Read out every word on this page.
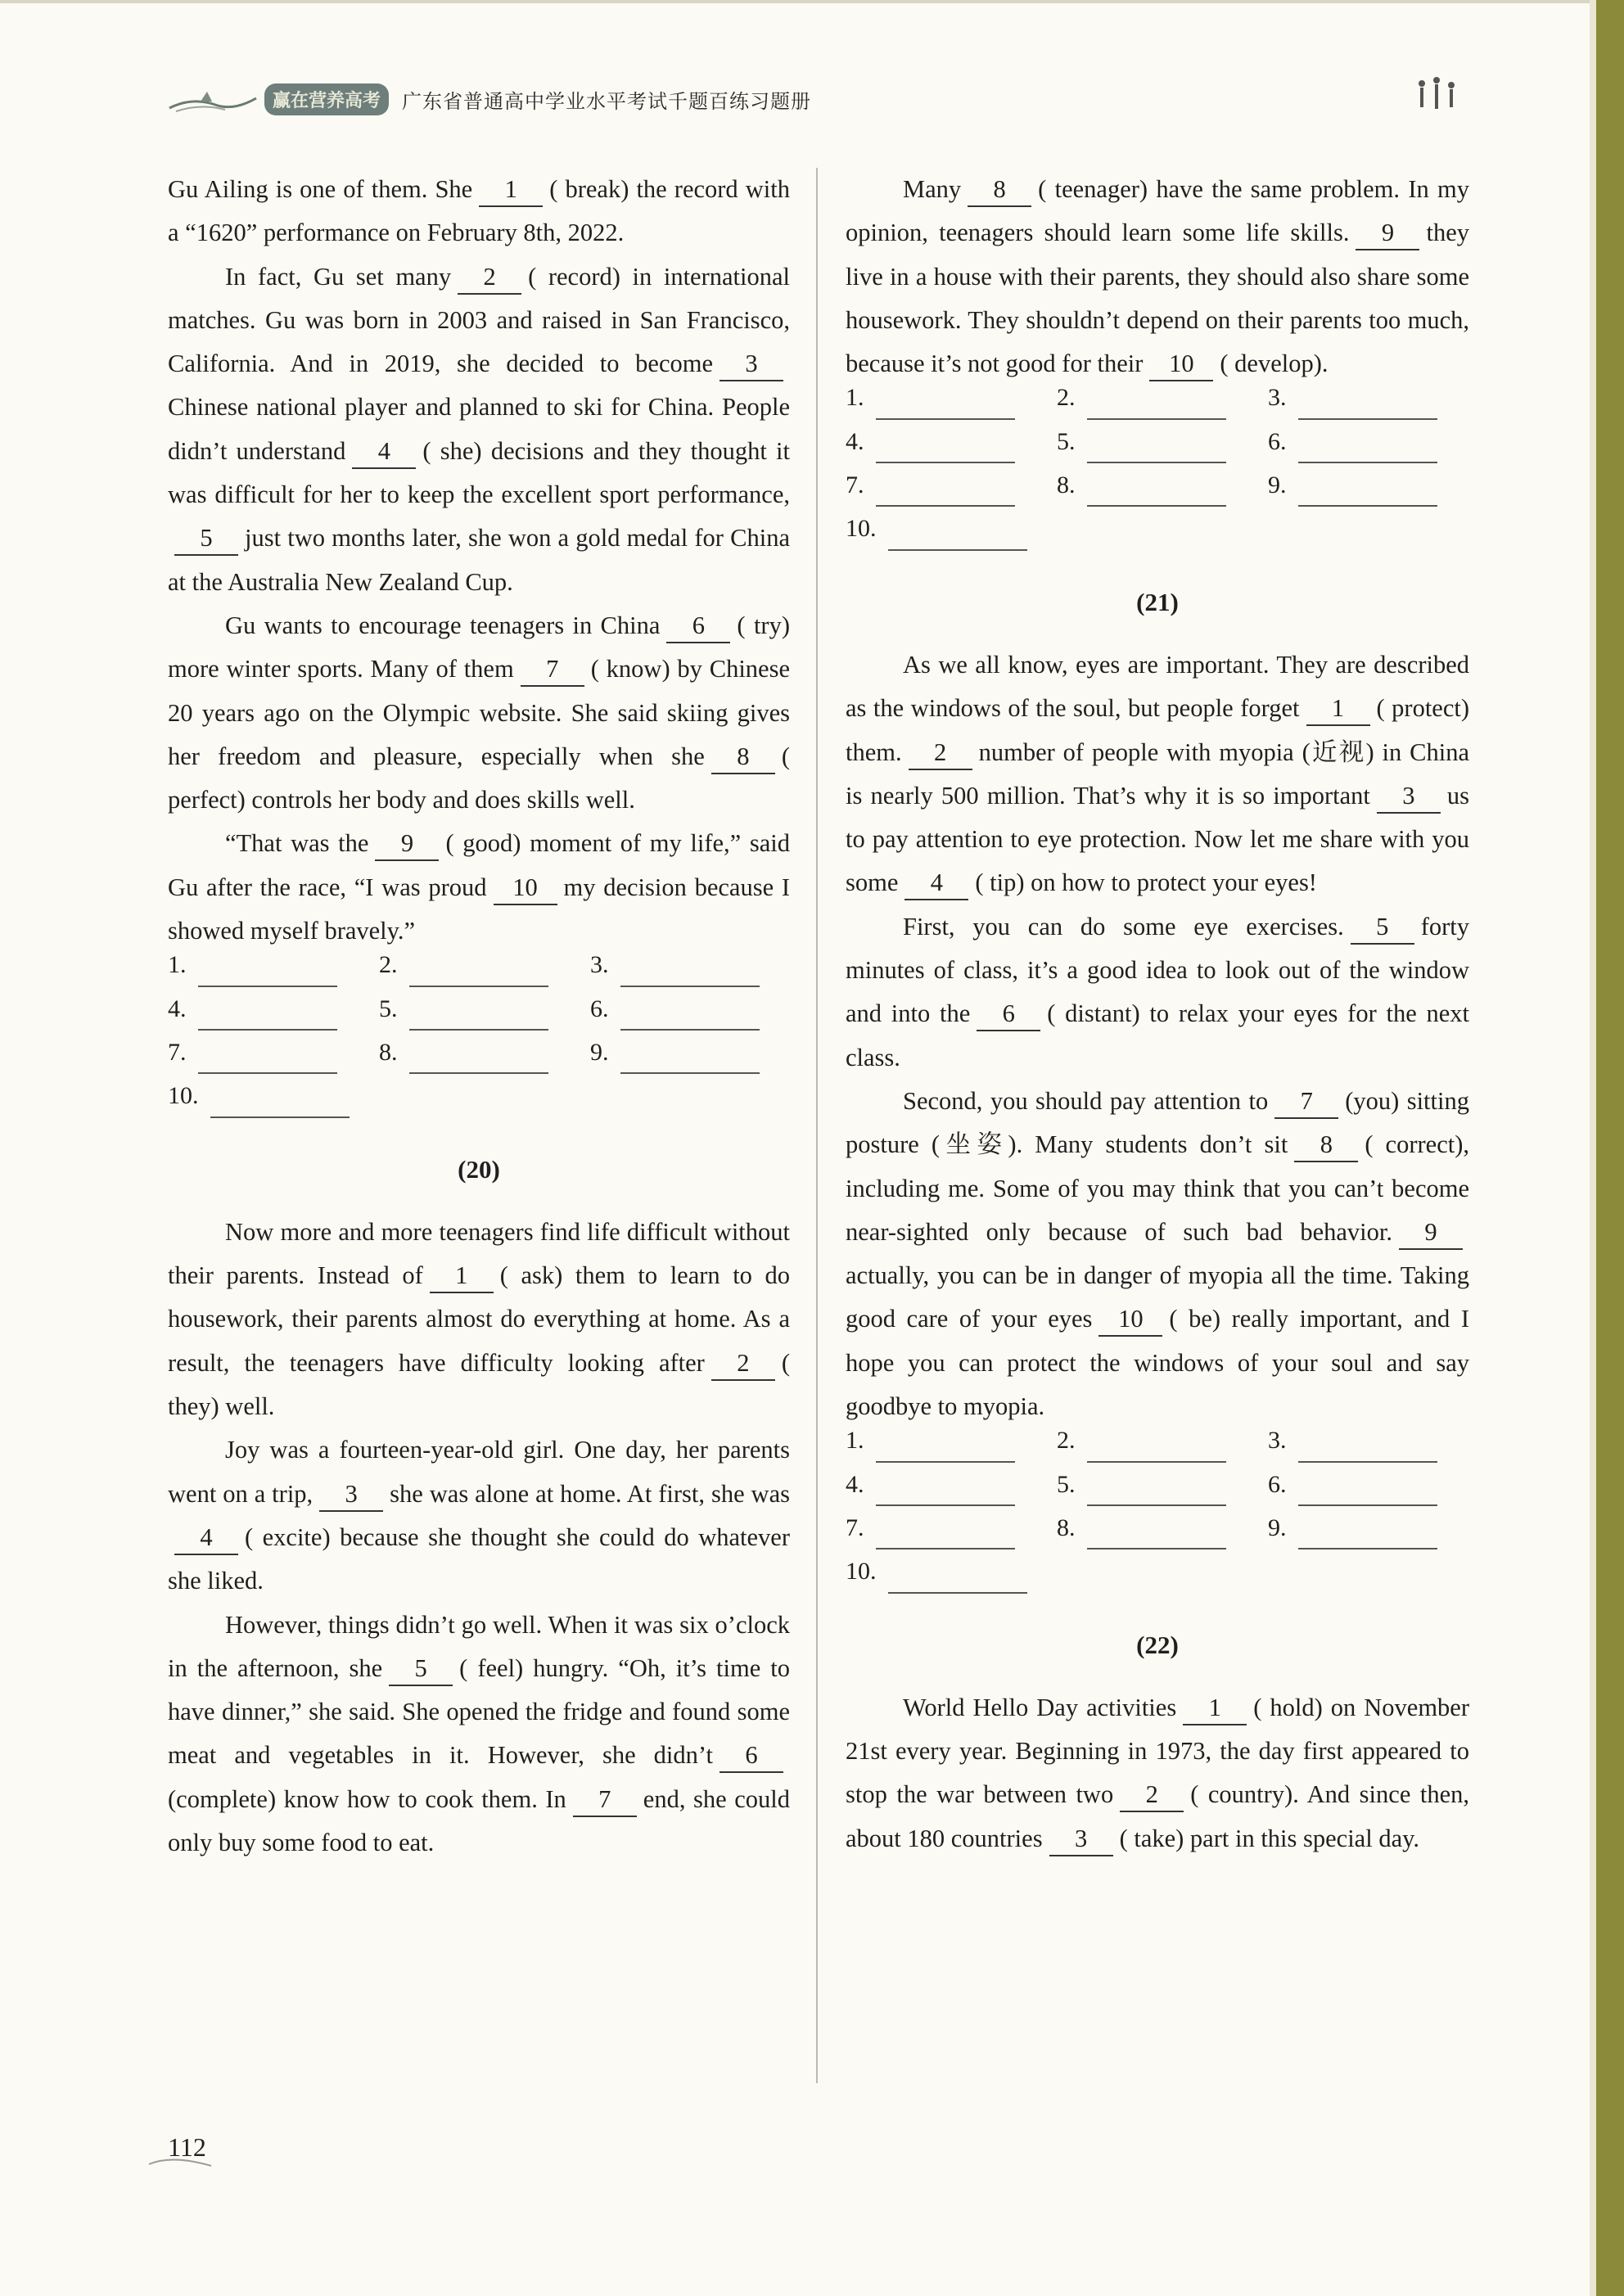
赢在营养高考	广东省普通高中学业水平考试千题百练习题册

Gu Ailing is one of them. She 1 ( break) the record with a “1620” performance on February 8th, 2022.

In fact, Gu set many 2 ( record) in international matches. Gu was born in 2003 and raised in San Francisco, California. And in 2019, she decided to become 3Chinese national player and planned to ski for China. People didn’t understand 4 ( she) decisions and they thought it was difficult for her to keep the excellent sport performance,5 just two months later, she won a gold medal for China at the Australia New Zealand Cup.

Gu wants to encourage teenagers in China 6 ( try) more winter sports. Many of them 7 ( know) by Chinese 20 years ago on the Olympic website. She said skiing gives her freedom and pleasure, especially when she 8 ( perfect) controls her body and does skills well.

“That was the 9 ( good) moment of my life,” said Gu after the race, “I was proud 10 my decision because I showed myself bravely.”

1.	2.	3.
4.	5.	6.
7.	8.	9.
10.
(20)

Now more and more teenagers find life difficult without their parents. Instead of 1 ( ask) them to learn to do housework, their parents almost do everything at home. As a result, the teenagers have difficulty looking after 2 ( they) well.

Joy was a fourteen-year-old girl. One day, her parents went on a trip, 3 she was alone at home. At first, she was4 ( excite) because she thought she could do whatever she liked.

However, things didn’t go well. When it was six o’clock in the afternoon, she 5 ( feel) hungry. “Oh, it’s time to have dinner,” she said. She opened the fridge and found some meat and vegetables in it. However, she didn’t 6(complete) know how to cook them. In 7 end, she could only buy some food to eat.

Many 8 ( teenager) have the same problem. In my opinion, teenagers should learn some life skills. 9 they live in a house with their parents, they should also share some housework. They shouldn’t depend on their parents too much, because it’s not good for their 10 ( develop).

1.	2.	3.
4.	5.	6.
7.	8.	9.
10.
(21)

As we all know, eyes are important. They are described as the windows of the soul, but people forget 1 ( protect) them. 2 number of people with myopia (近视) in China is nearly 500 million. That’s why it is so important 3 us to pay attention to eye protection. Now let me share with you some 4 ( tip) on how to protect your eyes!

First, you can do some eye exercises. 5 forty minutes of class, it’s a good idea to look out of the window and into the 6 ( distant) to relax your eyes for the next class.

Second, you should pay attention to 7 (you) sitting posture (坐姿). Many students don’t sit 8 ( correct), including me. Some of you may think that you can’t become near-sighted only because of such bad behavior. 9actually, you can be in danger of myopia all the time. Taking good care of your eyes 10 ( be) really important, and I hope you can protect the windows of your soul and say goodbye to myopia.

1.	2.	3.
4.	5.	6.
7.	8.	9.
10.
(22)

World Hello Day activities 1 ( hold) on November 21st every year. Beginning in 1973, the day first appeared to stop the war between two 2 ( country). And since then, about 180 countries 3 ( take) part in this special day.

112
